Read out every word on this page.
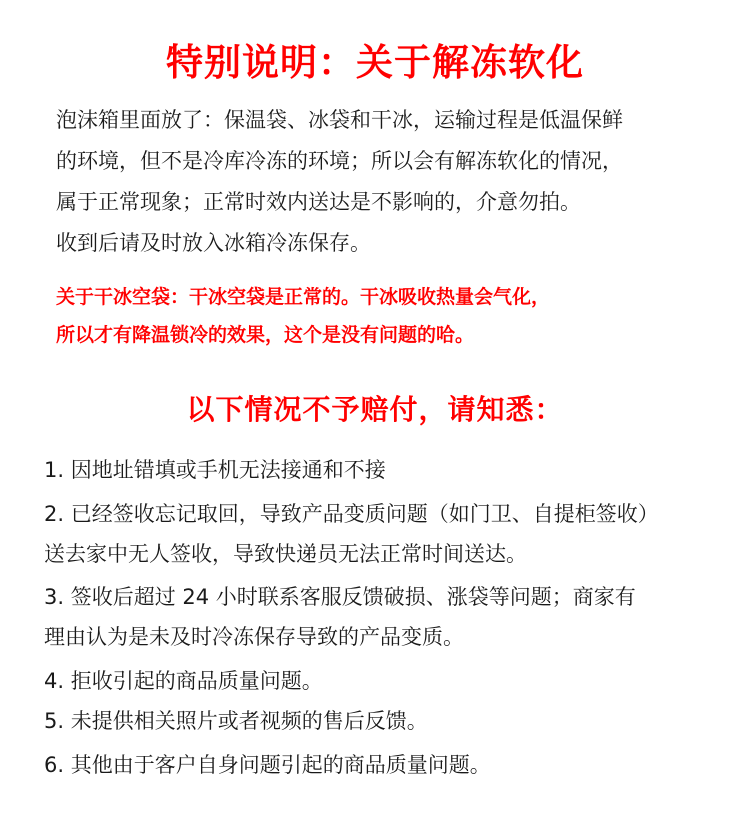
特别说明：关于解冻软化
泡沫箱里面放了：保温袋、冰袋和干冰，运输过程是低温保鲜
的环境，但不是冷库冷冻的环境；所以会有解冻软化的情况，
属于正常现象；正常时效内送达是不影响的，介意勿拍。
收到后请及时放入冰箱冷冻保存。
关于干冰空袋：干冰空袋是正常的。干冰吸收热量会气化，
所以才有降温锁冷的效果，这个是没有问题的哈。
以下情况不予赔付，请知悉：
1. 因地址错填或手机无法接通和不接
2. 已经签收忘记取回，导致产品变质问题（如门卫、自提柜签收）
送去家中无人签收，导致快递员无法正常时间送达。
3. 签收后超过 24 小时联系客服反馈破损、涨袋等问题；商家有
理由认为是未及时冷冻保存导致的产品变质。
4. 拒收引起的商品质量问题。
5. 未提供相关照片或者视频的售后反馈。
6. 其他由于客户自身问题引起的商品质量问题。
